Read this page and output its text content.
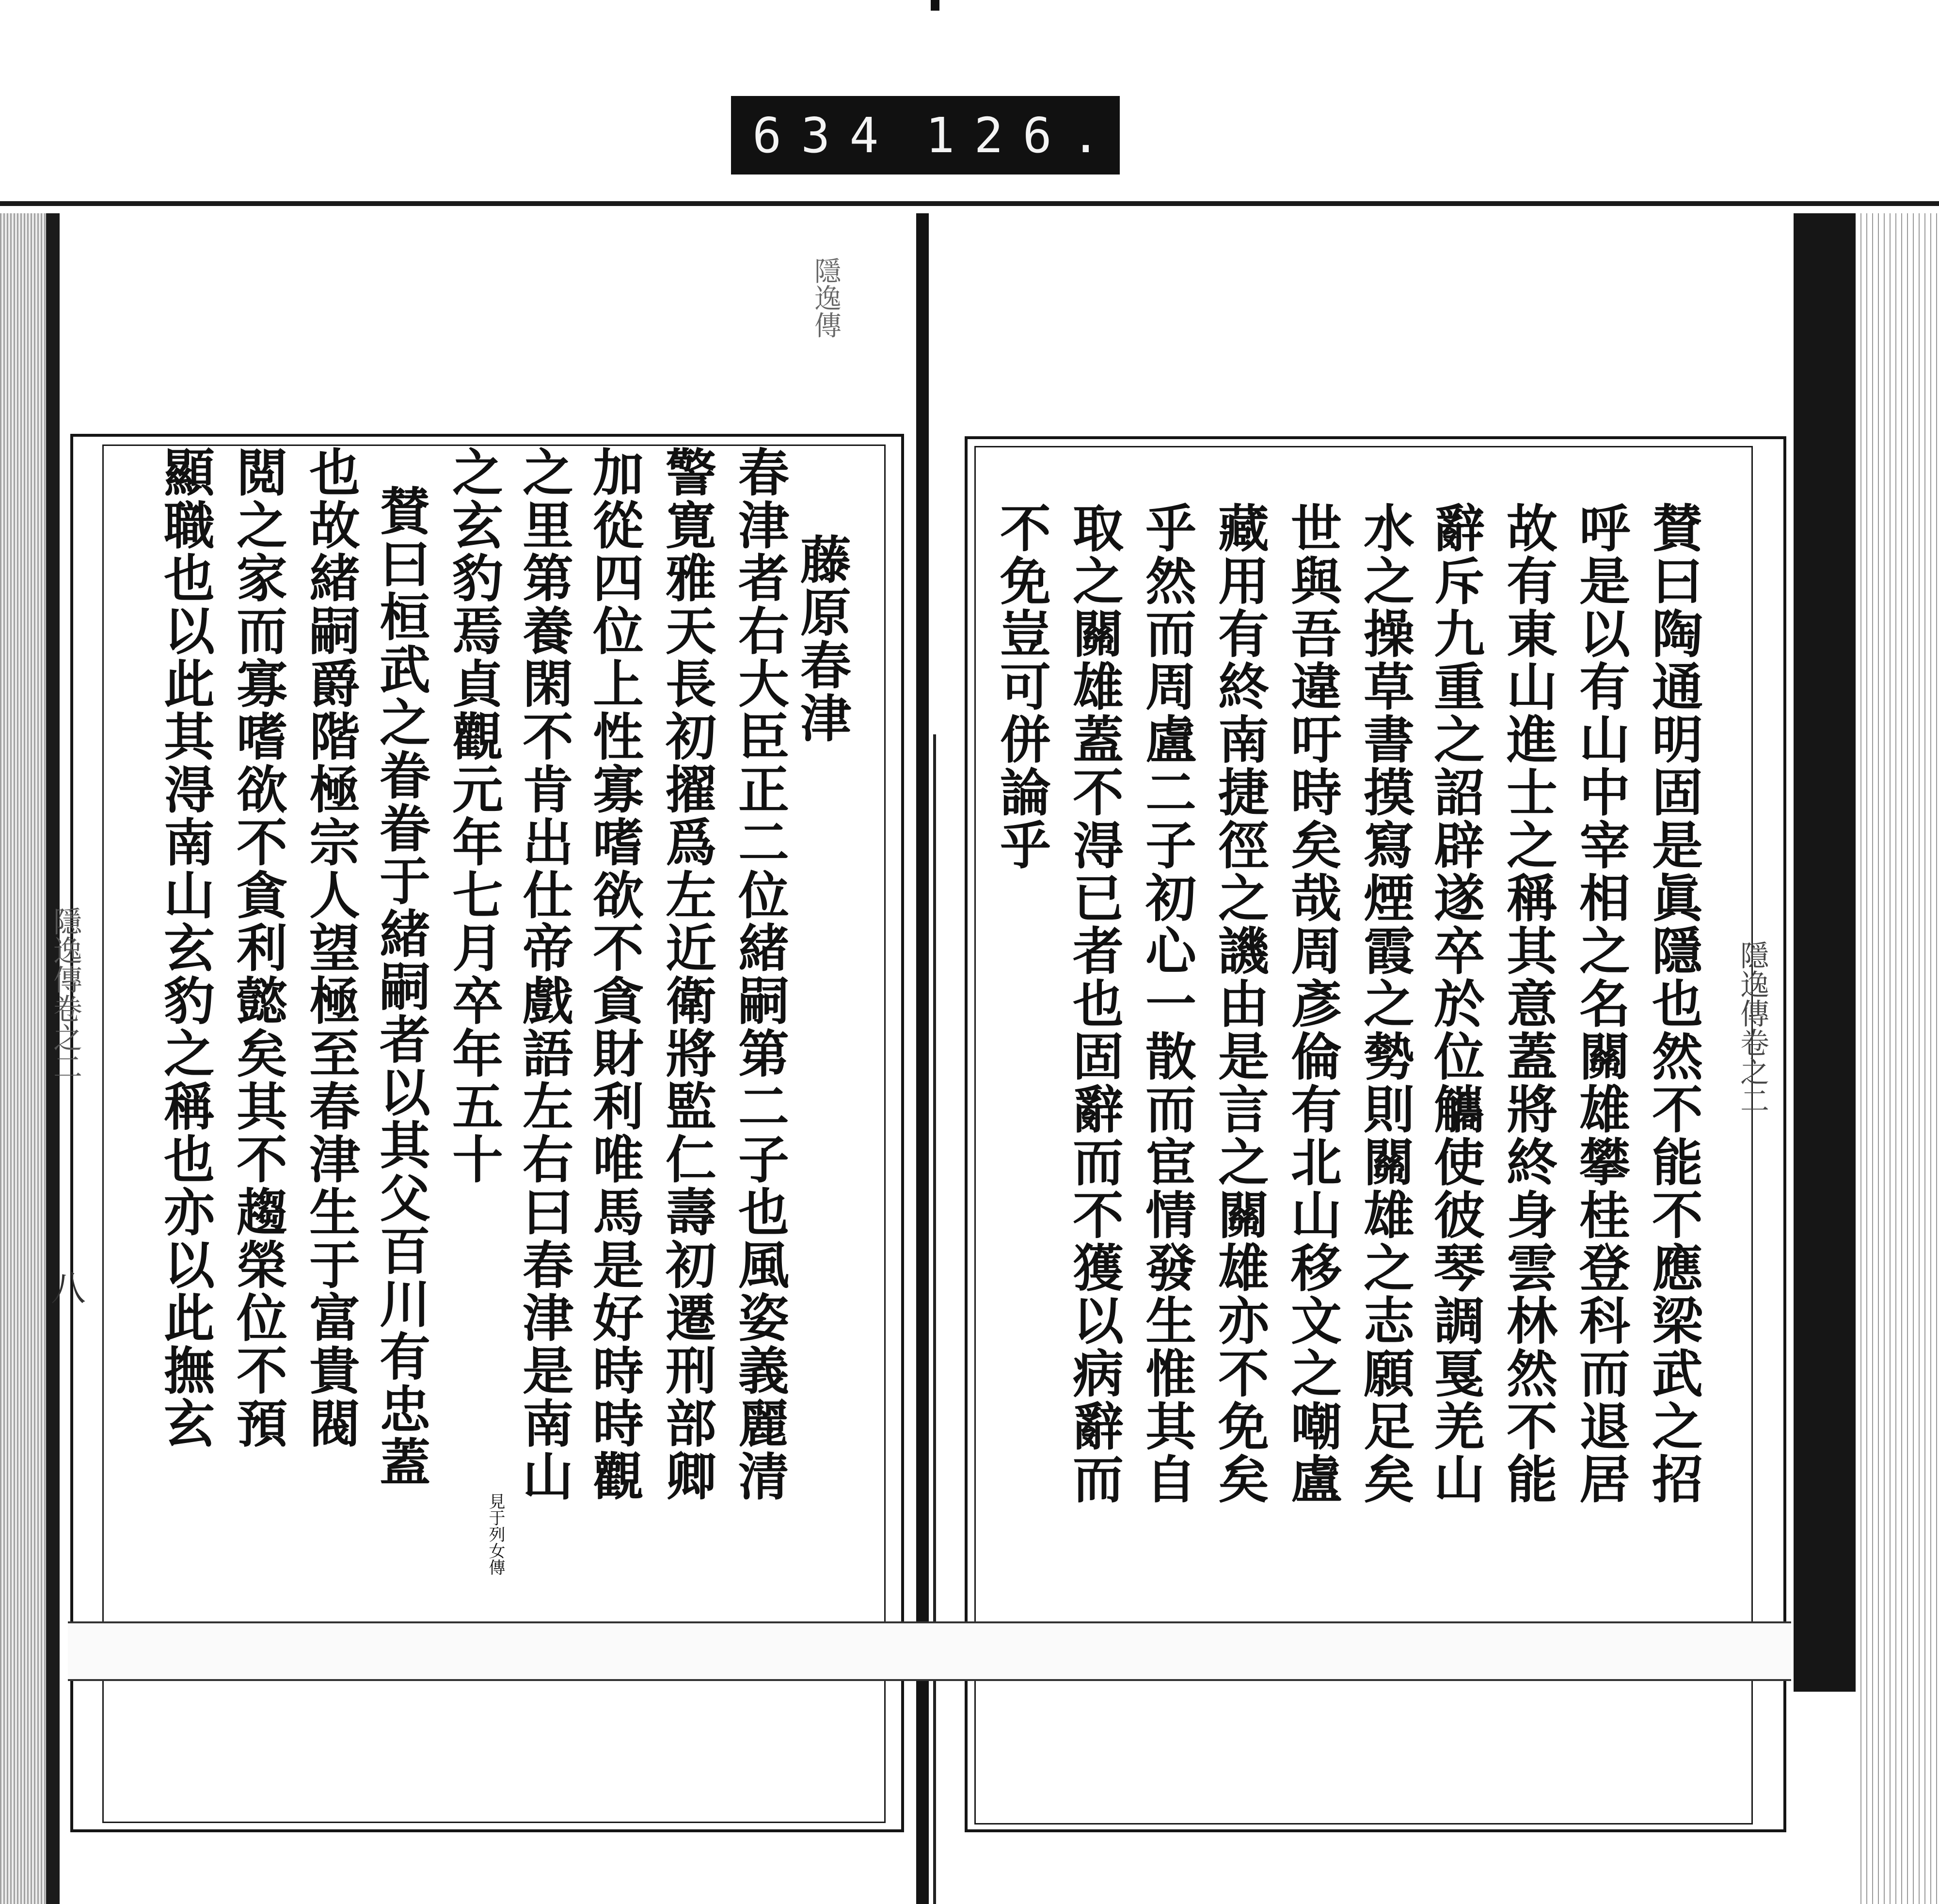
634 126.
隱逸傳
藤原春津
春津者右大臣正二位緒嗣第二子也風姿義麗清
警寛雅天長初擢爲左近衛將監仁壽初遷刑部卿
加從四位上性寡嗜欲不貪財利唯馬是好時時觀
之里第養閑不肯出仕帝戲語左右曰春津是南山
之玄豹焉貞觀元年七月卒年五十
賛曰桓武之眷眷于緒嗣者以其父百川有忠蓋
也故緒嗣爵階極宗人望極至春津生于富貴閥
閲之家而寡嗜欲不貪利懿矣其不趨榮位不預
顯職也以此其淂南山玄豹之稱也亦以此撫玄
見于列女傳
隱逸傳卷之二
八
隱逸傳卷之二
賛曰陶通明固是眞隱也然不能不應梁武之招
呼是以有山中宰相之名關雄攀桂登科而退居
故有東山進士之稱其意蓋將終身雲林然不能
辭斥九重之詔辟遂卒於位觿使彼琴調戛羌山
水之操草書摸寫煙霞之勢則關雄之志願足矣
世與吾違吁時矣哉周彥倫有北山移文之嘲盧
藏用有終南捷徑之譏由是言之關雄亦不免矣
乎然而周盧二子初心一散而宦情發生惟其自
取之關雄蓋不淂已者也固辭而不獲以病辭而
不免豈可併論乎
